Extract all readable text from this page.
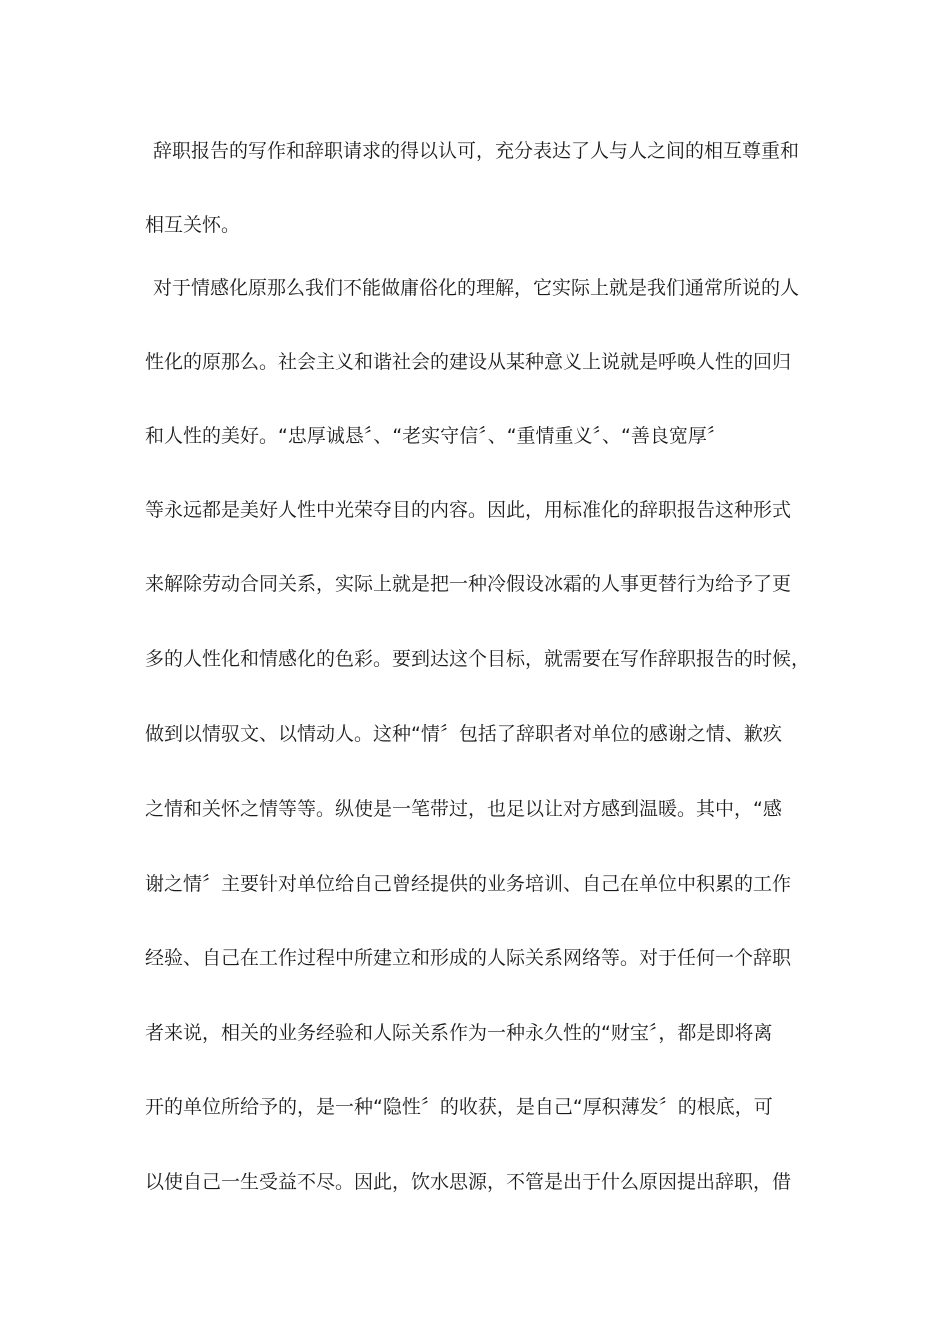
辞职报告的写作和辞职请求的得以认可，充分表达了人与人之间的相互尊重和
相互关怀。
对于情感化原那么我们不能做庸俗化的理解，它实际上就是我们通常所说的人
性化的原那么。社会主义和谐社会的建设从某种意义上说就是呼唤人性的回归
和人性的美好。“忠厚诚恳〞、“老实守信〞、“重情重义〞、“善良宽厚〞
等永远都是美好人性中光荣夺目的内容。因此，用标准化的辞职报告这种形式
来解除劳动合同关系，实际上就是把一种冷假设冰霜的人事更替行为给予了更
多的人性化和情感化的色彩。要到达这个目标，就需要在写作辞职报告的时候，
做到以情驭文、以情动人。这种“情〞包括了辞职者对单位的感谢之情、歉疚
之情和关怀之情等等。纵使是一笔带过，也足以让对方感到温暖。其中，“感
谢之情〞主要针对单位给自己曾经提供的业务培训、自己在单位中积累的工作
经验、自己在工作过程中所建立和形成的人际关系网络等。对于任何一个辞职
者来说，相关的业务经验和人际关系作为一种永久性的“财宝〞，都是即将离
开的单位所给予的，是一种“隐性〞的收获，是自己“厚积薄发〞的根底，可
以使自己一生受益不尽。因此，饮水思源，不管是出于什么原因提出辞职，借
